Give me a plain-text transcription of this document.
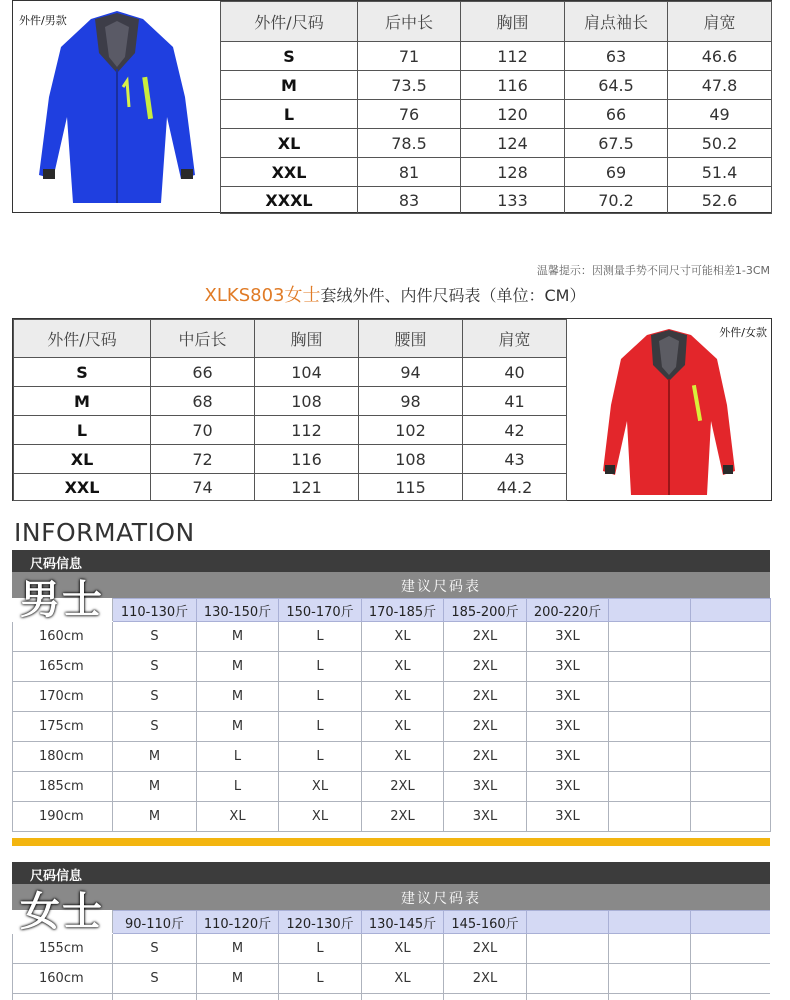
外件/男款	外件/尺码	后中长	胸围	肩点袖长	肩宽
S	71	112	63	46.6
M	73.5	116	64.5	47.8
L	76	120	66	49
XL	78.5	124	67.5	50.2
XXL	81	128	69	51.4
XXXL	83	133	70.2	52.6
温馨提示：因测量手势不同尺寸可能相差1-3CM
XLKS803女士套绒外件、内件尺码表（单位：CM）
外件/尺码	中后长	胸围	腰围	肩宽
S	66	104	94	40
M	68	108	98	41
L	70	112	102	42
XL	72	116	108	43
XXL	74	121	115	44.2
外件/女款
INFORMATION
尺码信息
男士	建议尺码表
	110-130斤	130-150斤	150-170斤	170-185斤	185-200斤	200-220斤		
160cm	S	M	L	XL	2XL	3XL		
165cm	S	M	L	XL	2XL	3XL		
170cm	S	M	L	XL	2XL	3XL		
175cm	S	M	L	XL	2XL	3XL		
180cm	M	L	L	XL	2XL	3XL		
185cm	M	L	XL	2XL	3XL	3XL		
190cm	M	XL	XL	2XL	3XL	3XL		
尺码信息
女士	建议尺码表
	90-110斤	110-120斤	120-130斤	130-145斤	145-160斤			
155cm	S	M	L	XL	2XL			
160cm	S	M	L	XL	2XL			
